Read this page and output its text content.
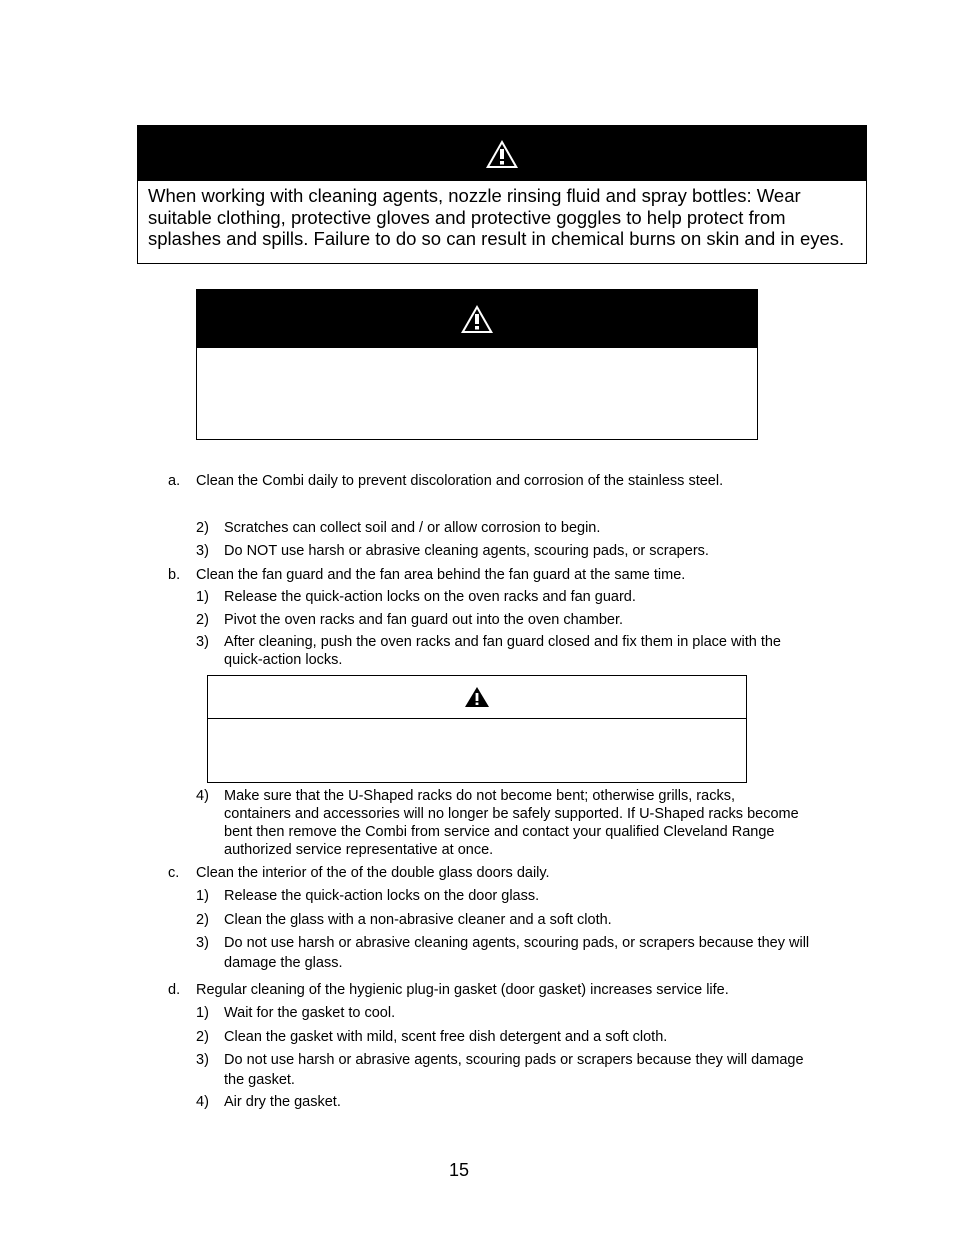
When working with cleaning agents, nozzle rinsing fluid and spray bottles: Wear suitable clothing, protective gloves and protective goggles to help protect from splashes and spills. Failure to do so can result in chemical burns on skin and in eyes.
a. Clean the Combi daily to prevent discoloration and corrosion of the stainless steel.
2) Scratches can collect soil and / or allow corrosion to begin.
3) Do NOT use harsh or abrasive cleaning agents, scouring pads, or scrapers.
b. Clean the fan guard and the fan area behind the fan guard at the same time.
1) Release the quick-action locks on the oven racks and fan guard.
2) Pivot the oven racks and fan guard out into the oven chamber.
3) After cleaning, push the oven racks and fan guard closed and fix them in place with the quick-action locks.
4) Make sure that the U-Shaped racks do not become bent; otherwise grills, racks, containers and accessories will no longer be safely supported. If U-Shaped racks become bent then remove the Combi from service and contact your qualified Cleveland Range authorized service representative at once.
c. Clean the interior of the of the double glass doors daily.
1) Release the quick-action locks on the door glass.
2) Clean the glass with a non-abrasive cleaner and a soft cloth.
3) Do not use harsh or abrasive cleaning agents, scouring pads, or scrapers because they will damage the glass.
d. Regular cleaning of the hygienic plug-in gasket (door gasket) increases service life.
1) Wait for the gasket to cool.
2) Clean the gasket with mild, scent free dish detergent and a soft cloth.
3) Do not use harsh or abrasive agents, scouring pads or scrapers because they will damage the gasket.
4) Air dry the gasket.
15
